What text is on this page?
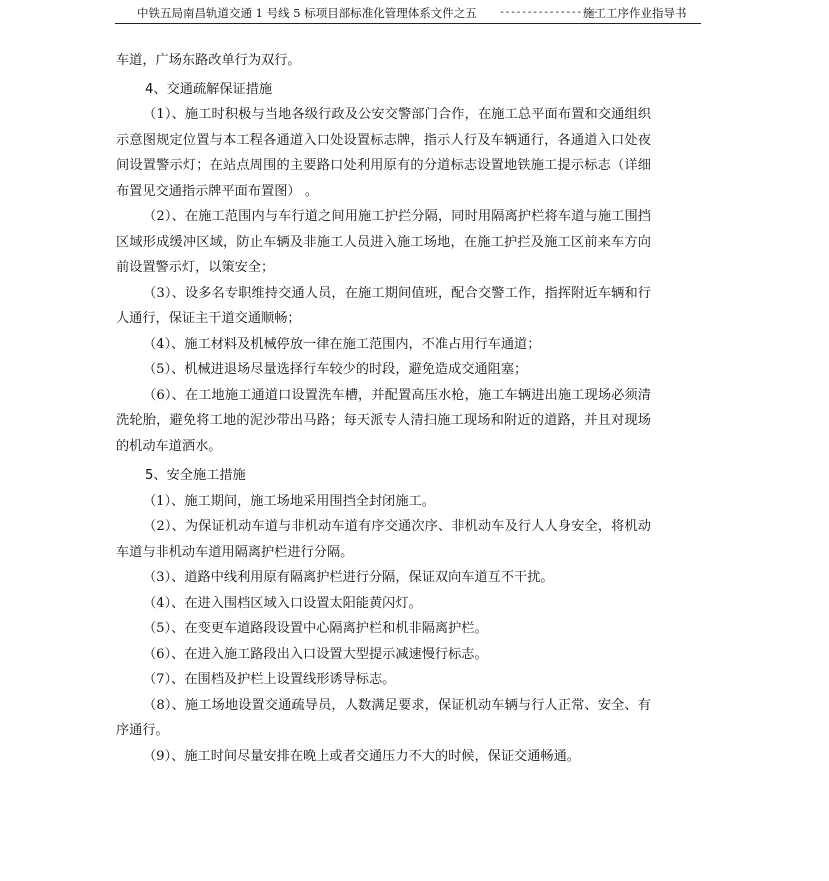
中铁五局南昌轨道交通 1 号线 5 标项目部标准化管理体系文件之五 ------------------
施工工序作业指导书

车道，广场东路改单行为双行。

4、交通疏解保证措施

（1）、施工时积极与当地各级行政及公安交警部门合作，在施工总平面布置和交通组织示意图规定位置与本工程各通道入口处设置标志牌，指示人行及车辆通行，各通道入口处夜间设置警示灯；在站点周围的主要路口处利用原有的分道标志设置地铁施工提示标志（详细布置见交通指示牌平面布置图） 。

（2）、在施工范围内与车行道之间用施工护拦分隔，同时用隔离护栏将车道与施工围挡区域形成缓冲区域，防止车辆及非施工人员进入施工场地，在施工护拦及施工区前来车方向前设置警示灯，以策安全；

（3）、设多名专职维持交通人员，在施工期间值班，配合交警工作，指挥附近车辆和行人通行，保证主干道交通顺畅；

（4）、施工材料及机械停放一律在施工范围内，不准占用行车通道；

（5）、机械进退场尽量选择行车较少的时段，避免造成交通阻塞；

（6）、在工地施工通道口设置洗车槽，并配置高压水枪，施工车辆进出施工现场必须清洗轮胎，避免将工地的泥沙带出马路；每天派专人清扫施工现场和附近的道路，并且对现场的机动车道洒水。

5、安全施工措施

（1）、施工期间，施工场地采用围挡全封闭施工。

（2）、为保证机动车道与非机动车道有序交通次序、非机动车及行人人身安全，将机动车道与非机动车道用隔离护栏进行分隔。

（3）、道路中线利用原有隔离护栏进行分隔，保证双向车道互不干扰。

（4）、在进入围档区域入口设置太阳能黄闪灯。

（5）、在变更车道路段设置中心隔离护栏和机非隔离护栏。

（6）、在进入施工路段出入口设置大型提示减速慢行标志。

（7）、在围档及护栏上设置线形诱导标志。

（8）、施工场地设置交通疏导员，人数满足要求，保证机动车辆与行人正常、安全、有序通行。

（9）、施工时间尽量安排在晚上或者交通压力不大的时候，保证交通畅通。
